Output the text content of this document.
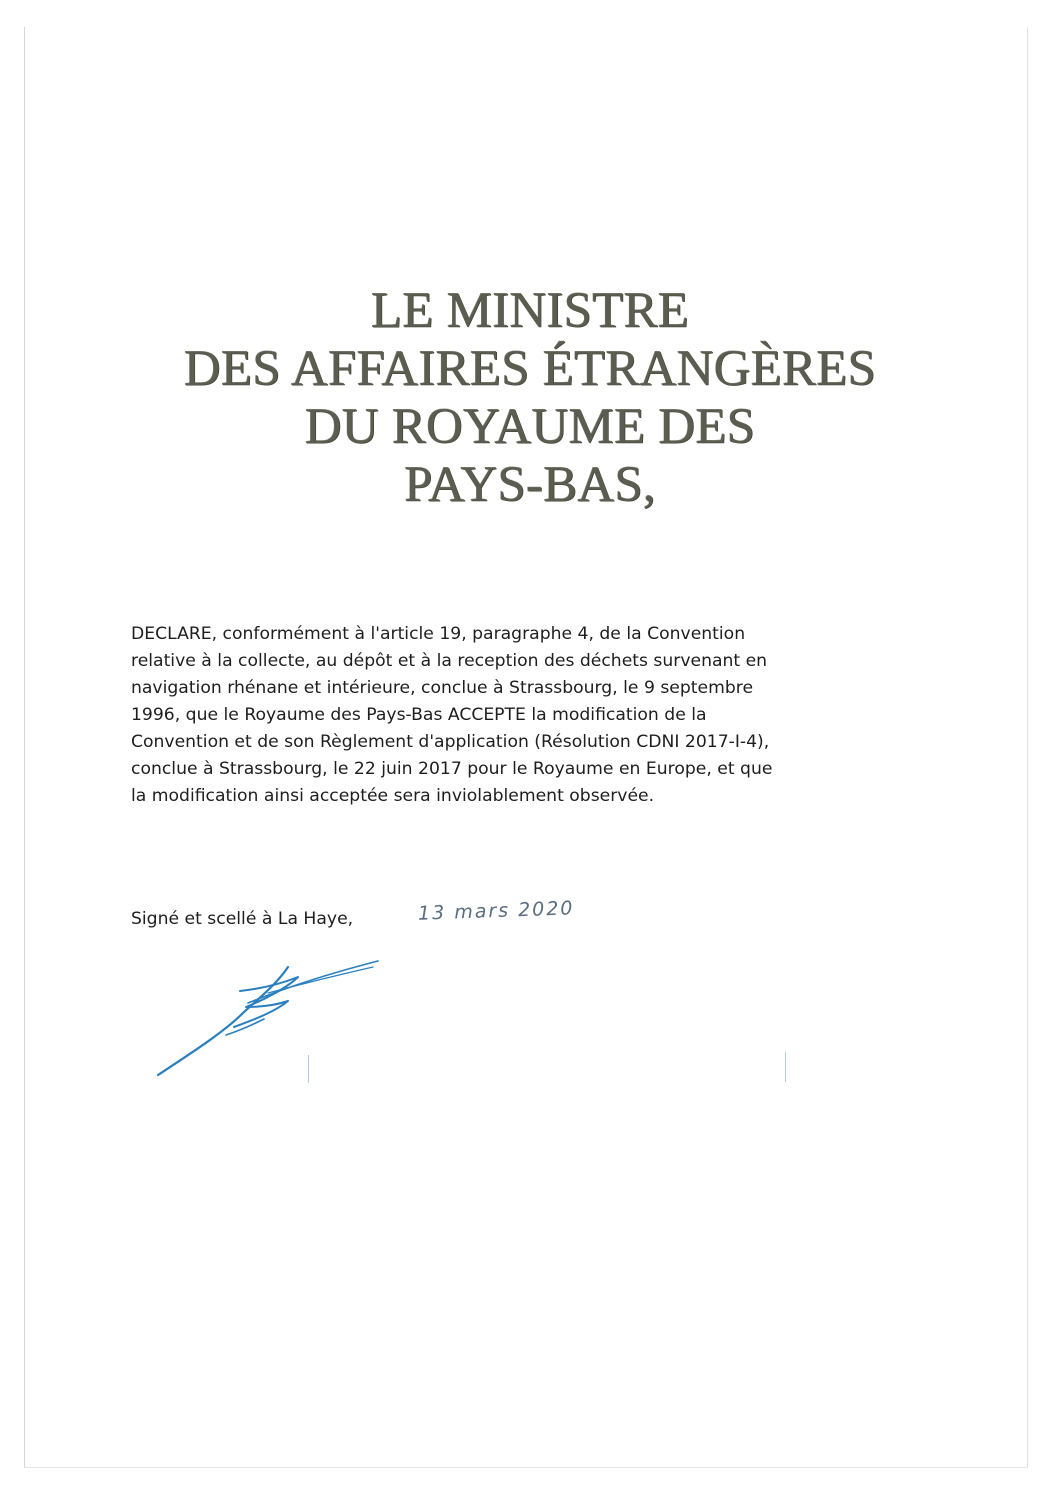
LE MINISTRE
DES AFFAIRES ÉTRANGÈRES
DU ROYAUME DES
PAYS-BAS,
DECLARE, conformément à l'article 19, paragraphe 4, de la Convention
relative à la collecte, au dépôt et à la reception des déchets survenant en
navigation rhénane et intérieure, conclue à Strassbourg, le 9 septembre
1996, que le Royaume des Pays-Bas ACCEPTE la modification de la
Convention et de son Règlement d'application (Résolution CDNI 2017-I-4),
conclue à Strassbourg, le 22 juin 2017 pour le Royaume en Europe, et que
la modification ainsi acceptée sera inviolablement observée.
Signé et scellé à La Haye,	13 mars 2020
